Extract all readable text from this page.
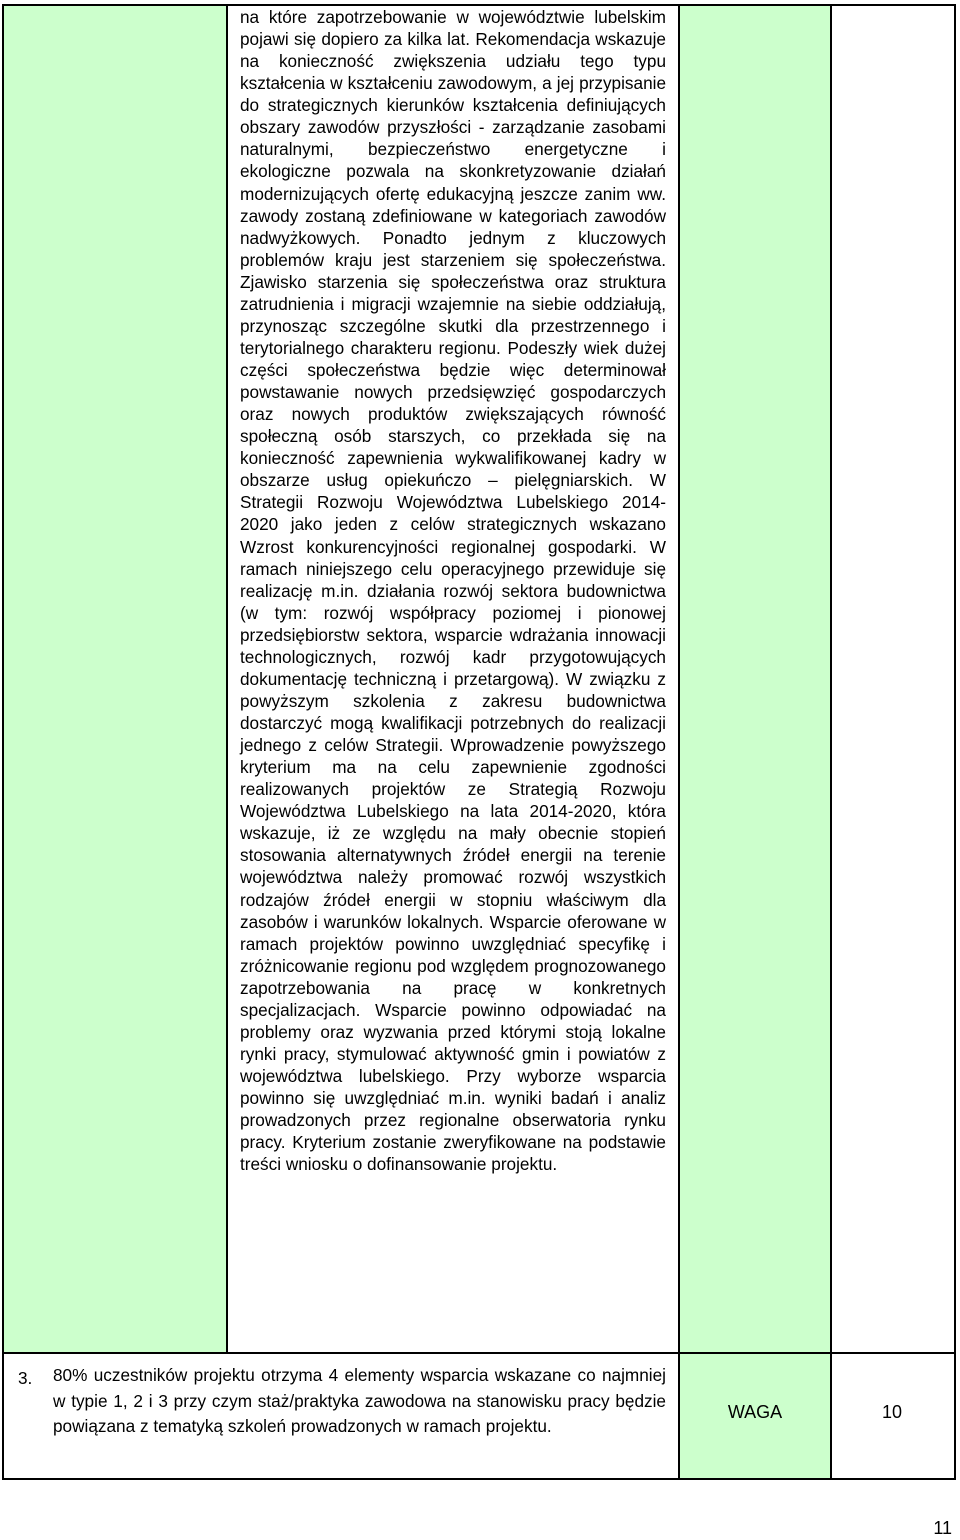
na które zapotrzebowanie w województwie lubelskim pojawi się dopiero za kilka lat. Rekomendacja wskazuje na konieczność zwiększenia udziału tego typu kształcenia w kształceniu zawodowym, a jej przypisanie do strategicznych kierunków kształcenia definiujących obszary zawodów przyszłości - zarządzanie zasobami naturalnymi, bezpieczeństwo energetyczne i ekologiczne pozwala na skonkretyzowanie działań modernizujących ofertę edukacyjną jeszcze zanim ww. zawody zostaną zdefiniowane w kategoriach zawodów nadwyżkowych. Ponadto jednym z kluczowych problemów kraju jest starzeniem się społeczeństwa. Zjawisko starzenia się społeczeństwa oraz struktura zatrudnienia i migracji wzajemnie na siebie oddziałują, przynosząc szczególne skutki dla przestrzennego i terytorialnego charakteru regionu. Podeszły wiek dużej części społeczeństwa będzie więc determinował powstawanie nowych przedsięwzięć gospodarczych oraz nowych produktów zwiększających równość społeczną osób starszych, co przekłada się na konieczność zapewnienia wykwalifikowanej kadry w obszarze usług opiekuńczo – pielęgniarskich. W Strategii Rozwoju Województwa Lubelskiego 2014-2020 jako jeden z celów strategicznych wskazano Wzrost konkurencyjności regionalnej gospodarki. W ramach niniejszego celu operacyjnego przewiduje się realizację m.in. działania rozwój sektora budownictwa (w tym: rozwój współpracy poziomej i pionowej przedsiębiorstw sektora, wsparcie wdrażania innowacji technologicznych, rozwój kadr przygotowujących dokumentację techniczną i przetargową). W związku z powyższym szkolenia z zakresu budownictwa dostarczyć mogą kwalifikacji potrzebnych do realizacji jednego z celów Strategii. Wprowadzenie powyższego kryterium ma na celu zapewnienie zgodności realizowanych projektów ze Strategią Rozwoju Województwa Lubelskiego na lata 2014-2020, która wskazuje, iż ze względu na mały obecnie stopień stosowania alternatywnych źródeł energii na terenie województwa należy promować rozwój wszystkich rodzajów źródeł energii w stopniu właściwym dla zasobów i warunków lokalnych. Wsparcie oferowane w ramach projektów powinno uwzględniać specyfikę i zróżnicowanie regionu pod względem prognozowanego zapotrzebowania na pracę w konkretnych specjalizacjach. Wsparcie powinno odpowiadać na problemy oraz wyzwania przed którymi stoją lokalne rynki pracy, stymulować aktywność gmin i powiatów z województwa lubelskiego. Przy wyborze wsparcia powinno się uwzględniać m.in. wyniki badań i analiz prowadzonych przez regionalne obserwatoria rynku pracy. Kryterium zostanie zweryfikowane na podstawie treści wniosku o dofinansowanie projektu.
3. 80% uczestników projektu otrzyma 4 elementy wsparcia wskazane co najmniej w typie 1, 2 i 3 przy czym staż/praktyka zawodowa na stanowisku pracy będzie powiązana z tematyką szkoleń prowadzonych w ramach projektu.
WAGA	10
11
